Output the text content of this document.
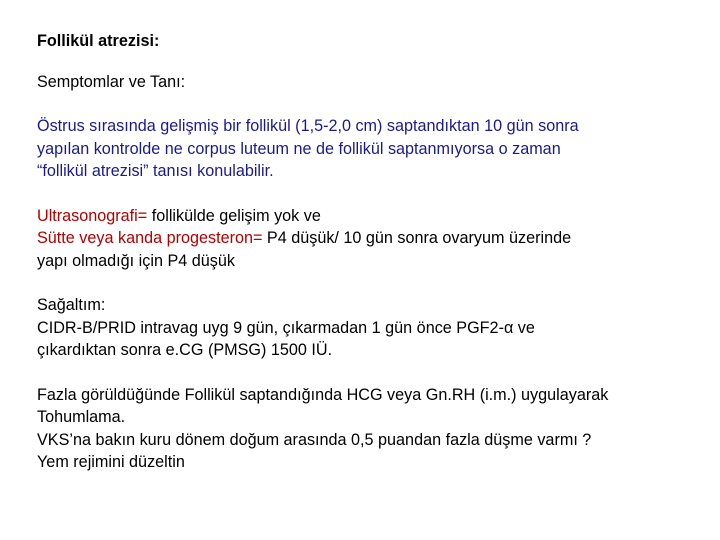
Follikül atrezisi:

Semptomlar ve Tanı:

Östrus sırasında gelişmiş bir follikül (1,5-2,0 cm) saptandıktan 10 gün sonra
yapılan kontrolde ne corpus luteum ne de follikül saptanmıyorsa o zaman
“follikül atrezisi” tanısı konulabilir.
Ultrasonografi= follikülde gelişim yok ve
Sütte veya kanda progesteron= P4 düşük/ 10 gün sonra ovaryum üzerinde
yapı olmadığı için P4 düşük
Sağaltım:
CIDR-B/PRID intravag uyg 9 gün, çıkarmadan 1 gün önce PGF2-α ve
çıkardıktan sonra e.CG (PMSG) 1500 IÜ.
Fazla görüldüğünde Follikül saptandığında HCG veya Gn.RH (i.m.) uygulayarak
Tohumlama.
VKS’na bakın kuru dönem doğum arasında 0,5 puandan fazla düşme varmı ?
Yem rejimini düzeltin
